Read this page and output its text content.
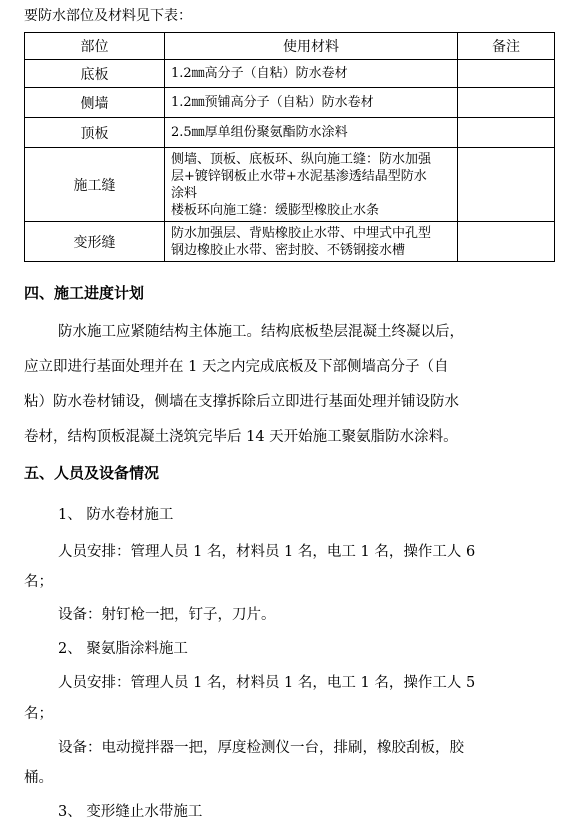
要防水部位及材料见下表：
部位	使用材料	备注
底板	1.2㎜高分子（自粘）防水卷材	

侧墙	1.2㎜预铺高分子（自粘）防水卷材	

顶板	2.5㎜厚单组份聚氨酯防水涂料	

施工缝	侧墙、顶板、底板环、纵向施工缝：防水加强
层+镀锌钢板止水带+水泥基渗透结晶型防水
涂料
楼板环向施工缝：缓膨型橡胶止水条	

变形缝	防水加强层、背贴橡胶止水带、中埋式中孔型
钢边橡胶止水带、密封胶、不锈钢接水槽	

四、施工进度计划
防水施工应紧随结构主体施工。结构底板垫层混凝土终凝以后，
应立即进行基面处理并在 1 天之内完成底板及下部侧墙高分子（自
粘）防水卷材铺设，侧墙在支撑拆除后立即进行基面处理并铺设防水
卷材，结构顶板混凝土浇筑完毕后 14 天开始施工聚氨脂防水涂料。
五、人员及设备情况
1、 防水卷材施工
人员安排：管理人员 1 名，材料员 1 名，电工 1 名，操作工人 6
名；
设备：射钉枪一把，钉子，刀片。
2、 聚氨脂涂料施工
人员安排：管理人员 1 名，材料员 1 名，电工 1 名，操作工人 5
名；
设备：电动搅拌器一把，厚度检测仪一台，排刷，橡胶刮板，胶
桶。
3、 变形缝止水带施工
